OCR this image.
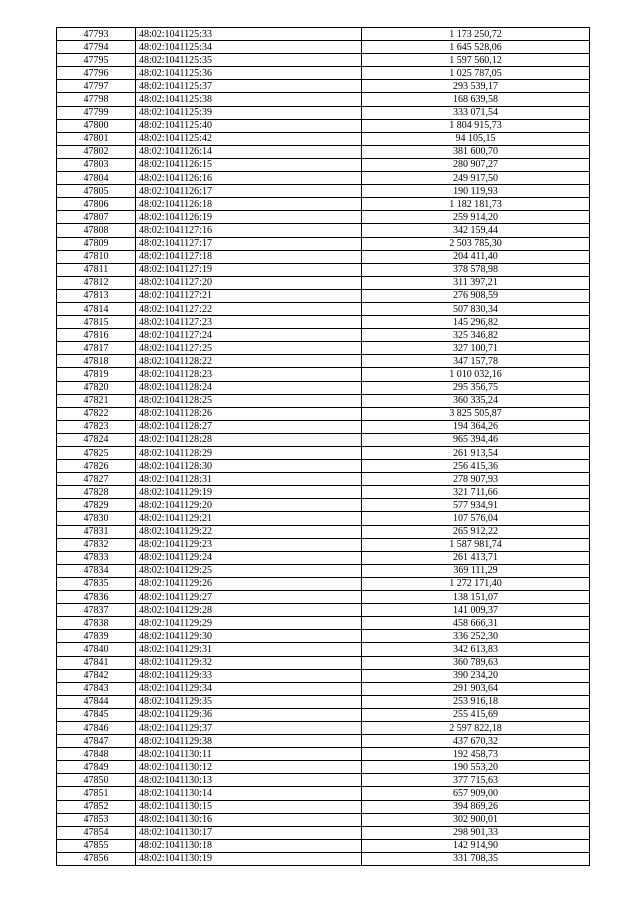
47793	48:02:1041125:33	1 173 250,72
47794	48:02:1041125:34	1 645 528,06
47795	48:02:1041125:35	1 597 560,12
47796	48:02:1041125:36	1 025 787,05
47797	48:02:1041125:37	293 539,17
47798	48:02:1041125:38	168 639,58
47799	48:02:1041125:39	333 071,54
47800	48:02:1041125:40	1 804 915,73
47801	48:02:1041125:42	94 105,15
47802	48:02:1041126:14	381 600,70
47803	48:02:1041126:15	280 907,27
47804	48:02:1041126:16	249 917,50
47805	48:02:1041126:17	190 119,93
47806	48:02:1041126:18	1 182 181,73
47807	48:02:1041126:19	259 914,20
47808	48:02:1041127:16	342 159,44
47809	48:02:1041127:17	2 503 785,30
47810	48:02:1041127:18	204 411,40
47811	48:02:1041127:19	378 578,98
47812	48:02:1041127:20	311 397,21
47813	48:02:1041127:21	276 908,59
47814	48:02:1041127:22	507 830,34
47815	48:02:1041127:23	145 296,82
47816	48:02:1041127:24	325 346,82
47817	48:02:1041127:25	327 100,71
47818	48:02:1041128:22	347 157,78
47819	48:02:1041128:23	1 010 032,16
47820	48:02:1041128:24	295 356,75
47821	48:02:1041128:25	360 335,24
47822	48:02:1041128:26	3 825 505,87
47823	48:02:1041128:27	194 364,26
47824	48:02:1041128:28	965 394,46
47825	48:02:1041128:29	261 913,54
47826	48:02:1041128:30	256 415,36
47827	48:02:1041128:31	278 907,93
47828	48:02:1041129:19	321 711,66
47829	48:02:1041129:20	577 934,91
47830	48:02:1041129:21	107 576,04
47831	48:02:1041129:22	265 912,22
47832	48:02:1041129:23	1 587 981,74
47833	48:02:1041129:24	261 413,71
47834	48:02:1041129:25	369 111,29
47835	48:02:1041129:26	1 272 171,40
47836	48:02:1041129:27	138 151,07
47837	48:02:1041129:28	141 009,37
47838	48:02:1041129:29	458 666,31
47839	48:02:1041129:30	336 252,30
47840	48:02:1041129:31	342 613,83
47841	48:02:1041129:32	360 789,63
47842	48:02:1041129:33	390 234,20
47843	48:02:1041129:34	291 903,64
47844	48:02:1041129:35	253 916,18
47845	48:02:1041129:36	255 415,69
47846	48:02:1041129:37	2 597 822,18
47847	48:02:1041129:38	437 670,32
47848	48:02:1041130:11	192 458,73
47849	48:02:1041130:12	190 553,20
47850	48:02:1041130:13	377 715,63
47851	48:02:1041130:14	657 909,00
47852	48:02:1041130:15	394 869,26
47853	48:02:1041130:16	302 900,01
47854	48:02:1041130:17	298 901,33
47855	48:02:1041130:18	142 914,90
47856	48:02:1041130:19	331 708,35
